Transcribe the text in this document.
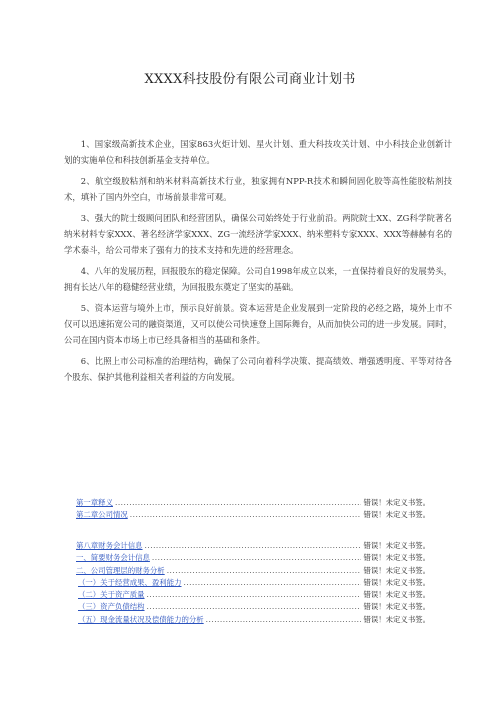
XXXX科技股份有限公司商业计划书

1、国家级高新技术企业，国家863火炬计划、星火计划、重大科技攻关计划、中小科技企业创新计划的实施单位和科技创新基金支持单位。

2、航空级胶粘剂和纳米材料高新技术行业，独家拥有NPP-R技术和瞬间固化胶等高性能胶粘剂技术，填补了国内外空白，市场前景非常可观。

3、强大的院士级顾问团队和经营团队，确保公司始终处于行业前沿。两院院士XX、ZG科学院著名纳米材料专家XXX、著名经济学家XXX、ZG一流经济学家XXX、纳米塑料专家XXX、XXX等赫赫有名的学术泰斗，给公司带来了强有力的技术支持和先进的经营理念。

4、八年的发展历程，回报股东的稳定保障。公司自1998年成立以来，一直保持着良好的发展势头，拥有长达八年的稳健经营业绩，为回报股东奠定了坚实的基础。

5、资本运营与境外上市，预示良好前景。资本运营是企业发展到一定阶段的必经之路，境外上市不仅可以迅速拓宽公司的融资渠道，又可以使公司快速登上国际舞台，从而加快公司的进一步发展。同时，公司在国内资本市场上市已经具备相当的基础和条件。

6、比照上市公司标准的治理结构，确保了公司向着科学决策、提高绩效、增强透明度、平等对待各个股东、保护其他利益相关者利益的方向发展。

第一章释义 .....	错误！未定义书签。
第二章公司情况 .....	错误！未定义书签。
第八章财务会计信息 .....	错误！未定义书签。
一、简要财务会计信息 .....	错误！未定义书签。
二、公司管理层的财务分析 .....	错误！未定义书签。
（一）关于经营成果、盈利能力 .....	错误！未定义书签。
（二）关于资产质量 .....	错误！未定义书签。
（三）资产负债结构 .....	错误！未定义书签。
（五）现金流量状况及偿债能力的分析 .....	错误！未定义书签。
